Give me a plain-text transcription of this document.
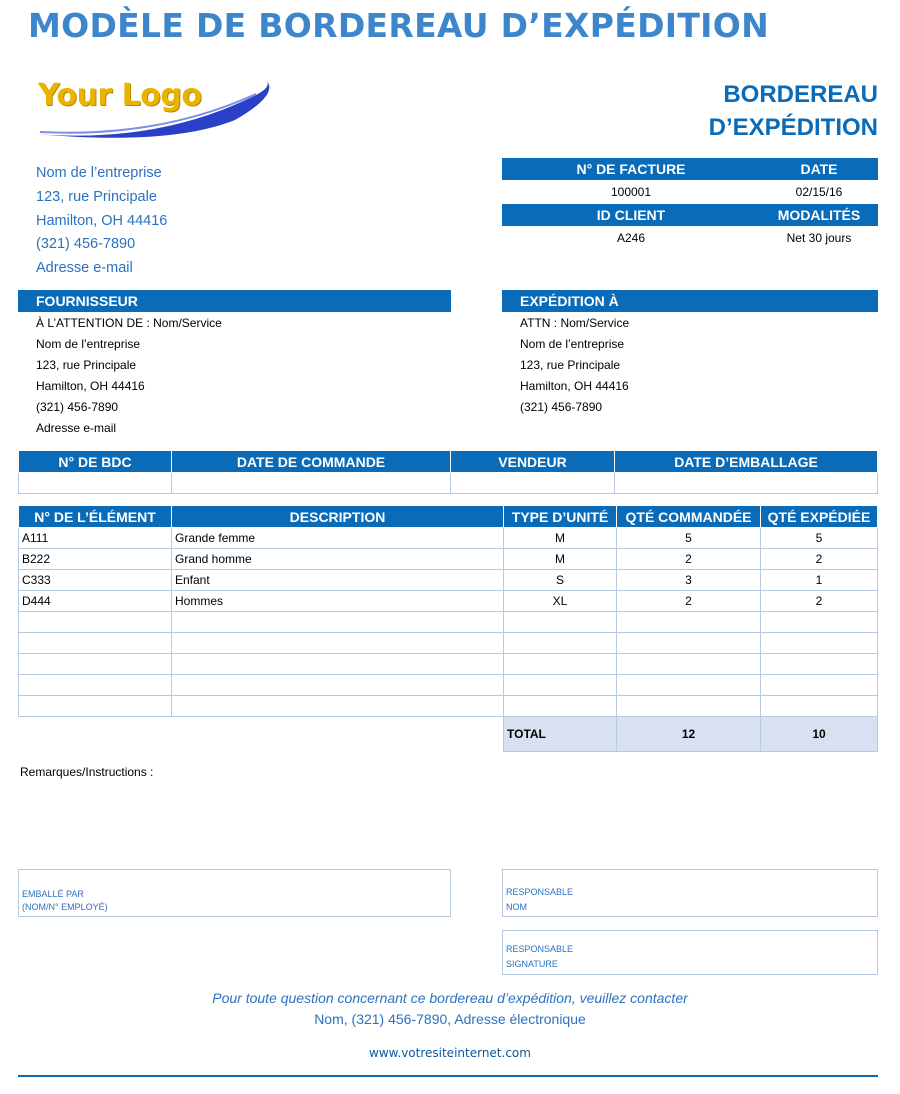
MODÈLE DE BORDEREAU D’EXPÉDITION
Your Logo	BORDEREAU
D’EXPÉDITION
Nom de l’entreprise
123, rue Principale
Hamilton, OH 44416
(321) 456-7890
Adresse e-mail
N° DE FACTURE	DATE
100001	02/15/16
ID CLIENT	MODALITÉS
A246	Net 30 jours
FOURNISSEUR
À L’ATTENTION DE : Nom/Service
Nom de l’entreprise
123, rue Principale
Hamilton, OH 44416
(321) 456-7890
Adresse e-mail
EXPÉDITION À
ATTN : Nom/Service
Nom de l’entreprise
123, rue Principale
Hamilton, OH 44416
(321) 456-7890
N° DE BDC	DATE DE COMMANDE	VENDEUR	DATE D’EMBALLAGE

N° DE L’ÉLÉMENT	DESCRIPTION	TYPE D’UNITÉ	QTÉ COMMANDÉE	QTÉ EXPÉDIÉE
A111	Grande femme	M	5	5
B222	Grand homme	M	2	2
C333	Enfant	S	3	1
D444	Hommes	XL	2	2

		TOTAL	12	10
Remarques/Instructions :
EMBALLÉ PAR
(NOM/N° EMPLOYÉ)
RESPONSABLE
NOM
RESPONSABLE
SIGNATURE
Pour toute question concernant ce bordereau d’expédition, veuillez contacter
Nom, (321) 456-7890, Adresse électronique
www.votresiteinternet.com
